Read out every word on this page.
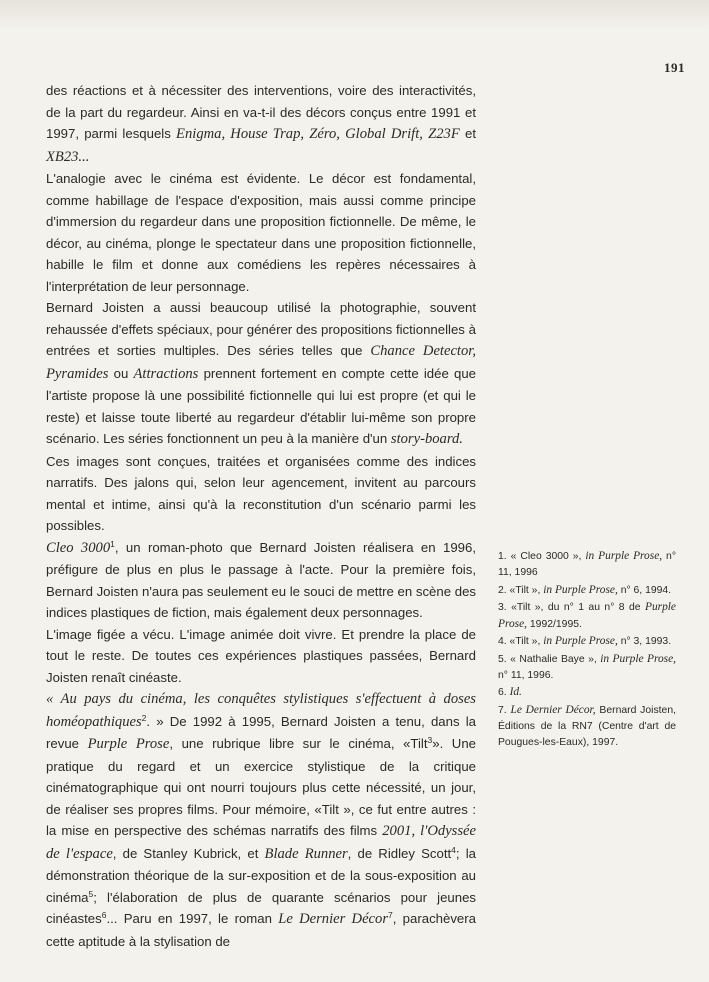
191

des réactions et à nécessiter des interventions, voire des interactivités, de la part du regardeur. Ainsi en va-t-il des décors conçus entre 1991 et 1997, parmi lesquels Enigma, House Trap, Zéro, Global Drift, Z23F et XB23...

L'analogie avec le cinéma est évidente. Le décor est fondamental, comme habillage de l'espace d'exposition, mais aussi comme principe d'immersion du regardeur dans une proposition fictionnelle. De même, le décor, au cinéma, plonge le spectateur dans une proposition fictionnelle, habille le film et donne aux comédiens les repères nécessaires à l'interprétation de leur personnage.

Bernard Joisten a aussi beaucoup utilisé la photographie, souvent rehaussée d'effets spéciaux, pour générer des propositions fictionnelles à entrées et sorties multiples. Des séries telles que Chance Detector, Pyramides ou Attractions prennent fortement en compte cette idée que l'artiste propose là une possibilité fictionnelle qui lui est propre (et qui le reste) et laisse toute liberté au regardeur d'établir lui-même son propre scénario. Les séries fonctionnent un peu à la manière d'un story-board.

Ces images sont conçues, traitées et organisées comme des indices narratifs. Des jalons qui, selon leur agencement, invitent au parcours mental et intime, ainsi qu'à la reconstitution d'un scénario parmi les possibles.

Cleo 3000$^1$, un roman-photo que Bernard Joisten réalisera en 1996, préfigure de plus en plus le passage à l'acte. Pour la première fois, Bernard Joisten n'aura pas seulement eu le souci de mettre en scène des indices plastiques de fiction, mais également deux personnages.

L'image figée a vécu. L'image animée doit vivre. Et prendre la place de tout le reste. De toutes ces expériences plastiques passées, Bernard Joisten renaît cinéaste.

« Au pays du cinéma, les conquêtes stylistiques s'effectuent à doses homéopathiques$^2$. » De 1992 à 1995, Bernard Joisten a tenu, dans la revue Purple Prose, une rubrique libre sur le cinéma, «Tilt$^3$». Une pratique du regard et un exercice stylistique de la critique cinématographique qui ont nourri toujours plus cette nécessité, un jour, de réaliser ses propres films. Pour mémoire, «Tilt », ce fut entre autres : la mise en perspective des schémas narratifs des films 2001, l'Odyssée de l'espace, de Stanley Kubrick, et Blade Runner, de Ridley Scott$^4$; la démonstration théorique de la sur-exposition et de la sous-exposition au cinéma$^5$; l'élaboration de plus de quarante scénarios pour jeunes cinéastes$^6$... Paru en 1997, le roman Le Dernier Décor$^7$, parachèvera cette aptitude à la stylisation de

1. « Cleo 3000 », in Purple Prose, n° 11, 1996

2. «Tilt », in Purple Prose, n° 6, 1994.

3. «Tilt », du n° 1 au n° 8 de Purple Prose, 1992/1995.

4. «Tilt », in Purple Prose, n° 3, 1993.

5. « Nathalie Baye », in Purple Prose, n° 11, 1996.

6. Id.

7. Le Dernier Décor, Bernard Joisten, Éditions de la RN7 (Centre d'art de Pougues-les-Eaux), 1997.
